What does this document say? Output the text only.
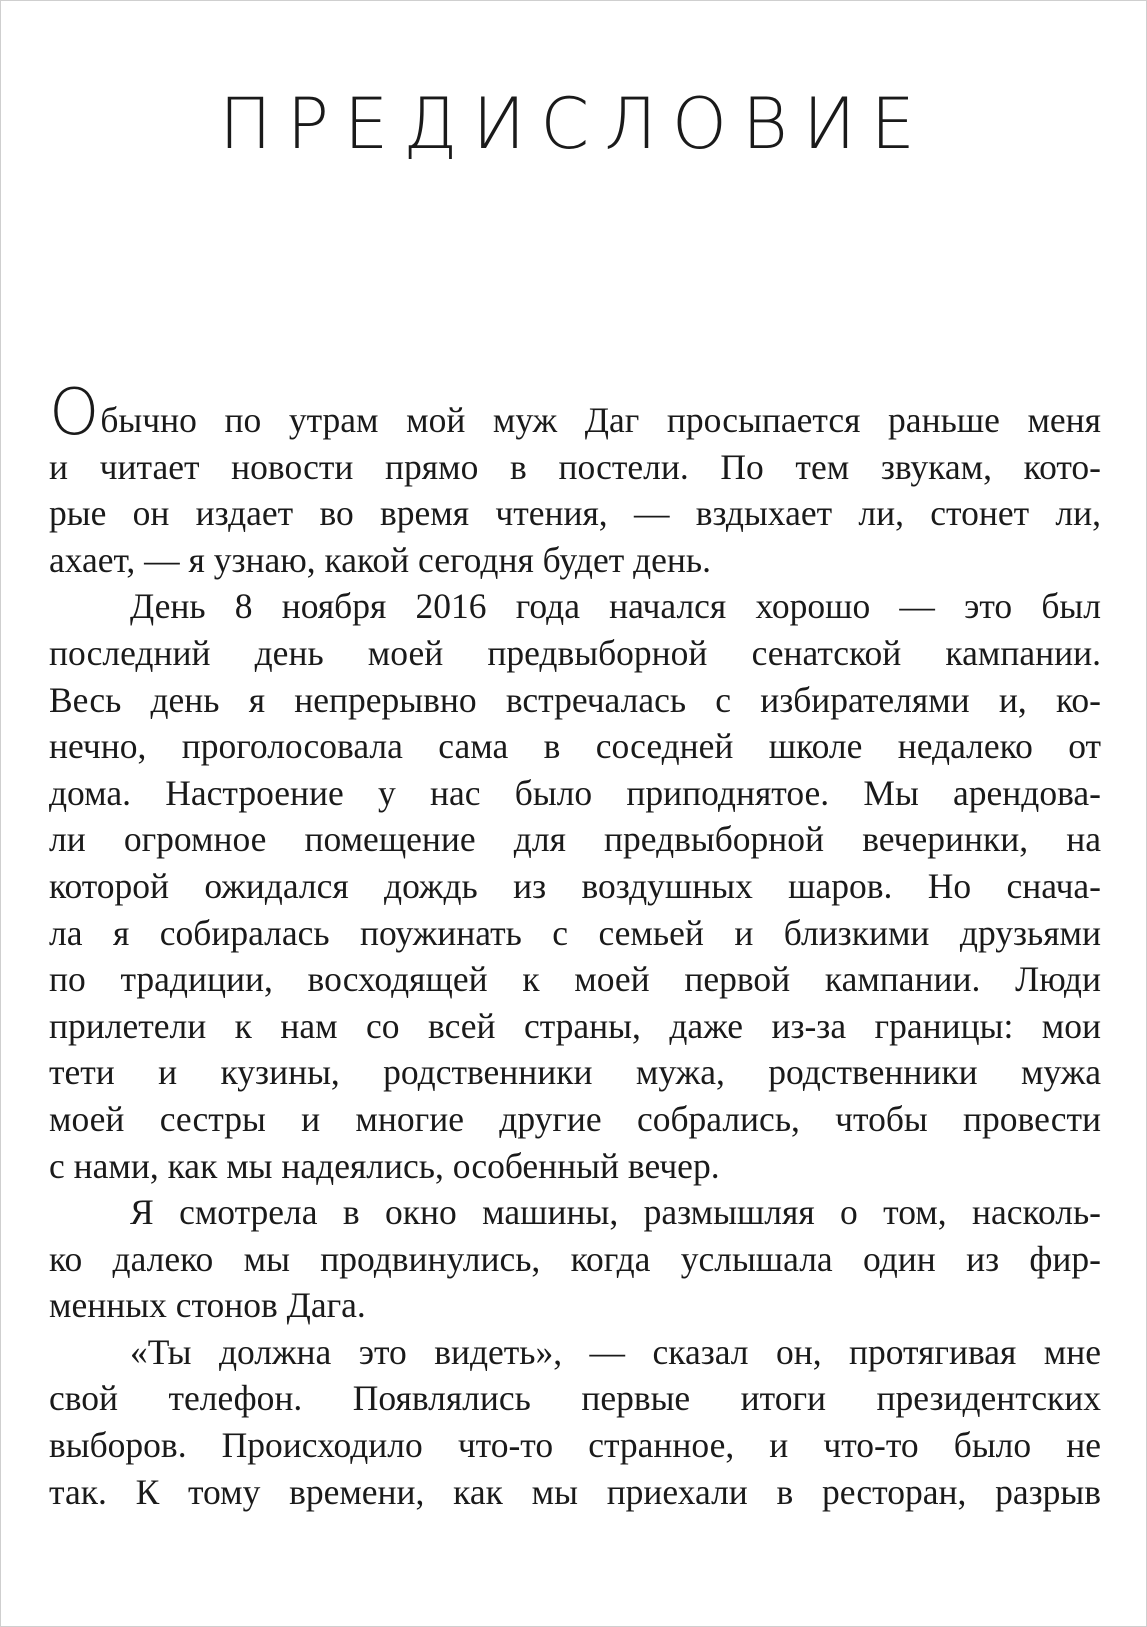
ПРЕДИСЛОВИЕ
Обычно по утрам мой муж Даг просыпается раньше меня
и читает новости прямо в постели. По тем звукам, кото-
рые он издает во время чтения, — вздыхает ли, стонет ли,
ахает, — я узнаю, какой сегодня будет день.
День 8 ноября 2016 года начался хорошо — это был
последний день моей предвыборной сенатской кампании.
Весь день я непрерывно встречалась с избирателями и, ко-
нечно, проголосовала сама в соседней школе недалеко от
дома. Настроение у нас было приподнятое. Мы арендова-
ли огромное помещение для предвыборной вечеринки, на
которой ожидался дождь из воздушных шаров. Но снача-
ла я собиралась поужинать с семьей и близкими друзьями
по традиции, восходящей к моей первой кампании. Люди
прилетели к нам со всей страны, даже из-за границы: мои
тети и кузины, родственники мужа, родственники мужа
моей сестры и многие другие собрались, чтобы провести
с нами, как мы надеялись, особенный вечер.
Я смотрела в окно машины, размышляя о том, насколь-
ко далеко мы продвинулись, когда услышала один из фир-
менных стонов Дага.
«Ты должна это видеть», — сказал он, протягивая мне
свой телефон. Появлялись первые итоги президентских
выборов. Происходило что-то странное, и что-то было не
так. К тому времени, как мы приехали в ресторан, разрыв
